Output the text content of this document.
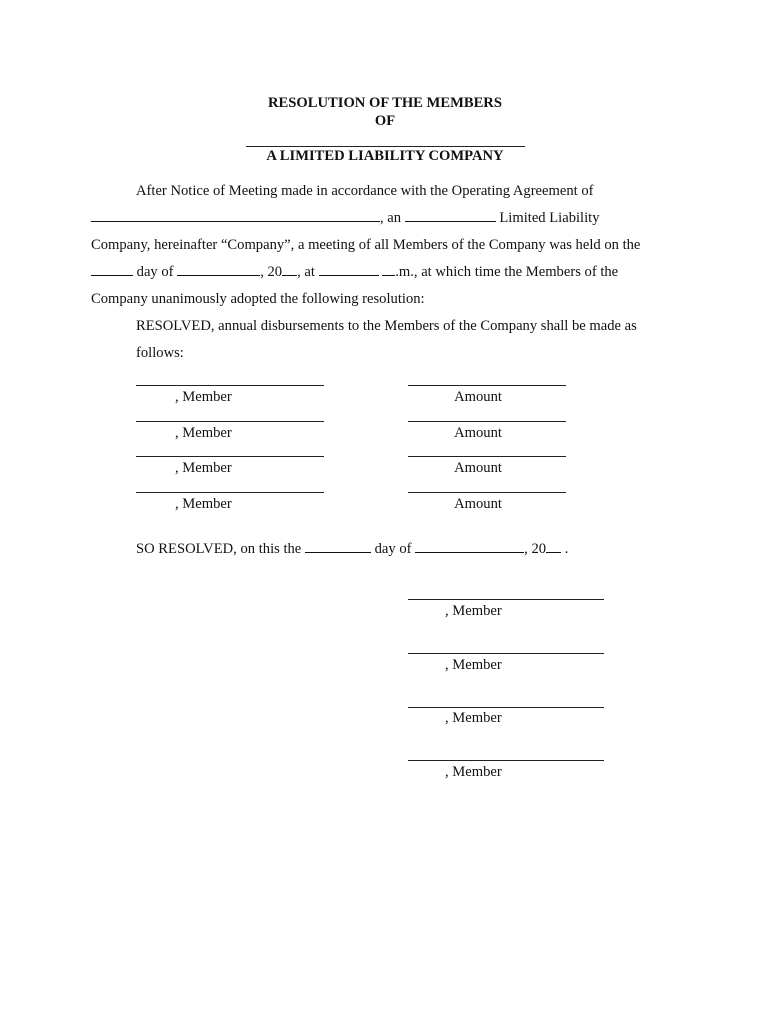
RESOLUTION OF THE MEMBERS
OF
A LIMITED LIABILITY COMPANY
After Notice of Meeting made in accordance with the Operating Agreement of
, an	Limited Liability
Company, hereinafter “Company”, a meeting of all Members of the Company was held on the
day of	, 20 , at	.m., at which time the Members of the
Company unanimously adopted the following resolution:
RESOLVED, annual disbursements to the Members of the Company shall be made as
follows:
, Member	Amount
, Member	Amount
, Member	Amount
, Member	Amount
SO RESOLVED, on this the	day of	, 20 .
, Member
, Member
, Member
, Member
